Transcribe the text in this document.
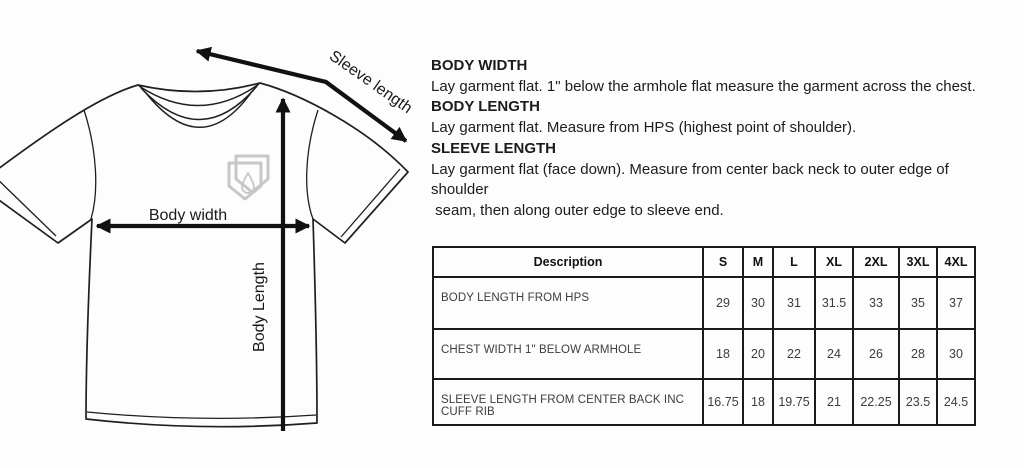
Sleeve length
Body width
Body Length
BODY WIDTH
Lay garment flat. 1" below the armhole flat measure the garment across the chest.
BODY LENGTH
Lay garment flat. Measure from HPS (highest point of shoulder).
SLEEVE LENGTH
Lay garment flat (face down). Measure from center back neck to outer edge of
shoulder
seam, then along outer edge to sleeve end.
Description	S	M	L	XL	2XL	3XL	4XL
BODY LENGTH FROM HPS	29	30	31	31.5	33	35	37
CHEST WIDTH 1" BELOW ARMHOLE	18	20	22	24	26	28	30
SLEEVE LENGTH FROM CENTER BACK INC CUFF RIB	16.75	18	19.75	21	22.25	23.5	24.5
